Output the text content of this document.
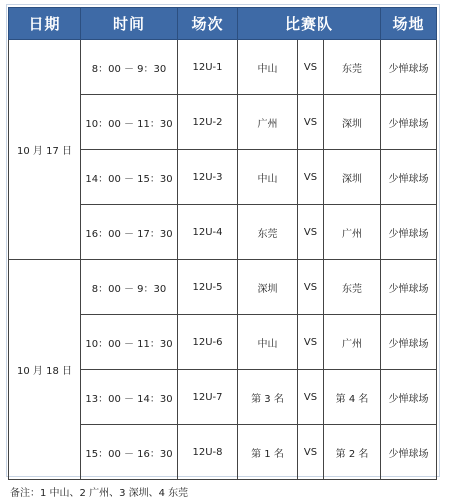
日期	时间	场次	比赛队			场地
10 月 17 日	8：00 － 9：30	12U-1	中山	VS	东莞	少惮球场
	10：00 － 11：30	12U-2	广州	VS	深圳	少惮球场
	14：00 － 15：30	12U-3	中山	VS	深圳	少惮球场
	16：00 － 17：30	12U-4	东莞	VS	广州	少惮球场
10 月 18 日	8：00 － 9：30	12U-5	深圳	VS	东莞	少惮球场
	10：00 － 11：30	12U-6	中山	VS	广州	少惮球场
	13：00 － 14：30	12U-7	第 3 名	VS	第 4 名	少惮球场
	15：00 － 16：30	12U-8	第 1 名	VS	第 2 名	少惮球场
备注：1 中山、2 广州、3 深圳、4 东莞
